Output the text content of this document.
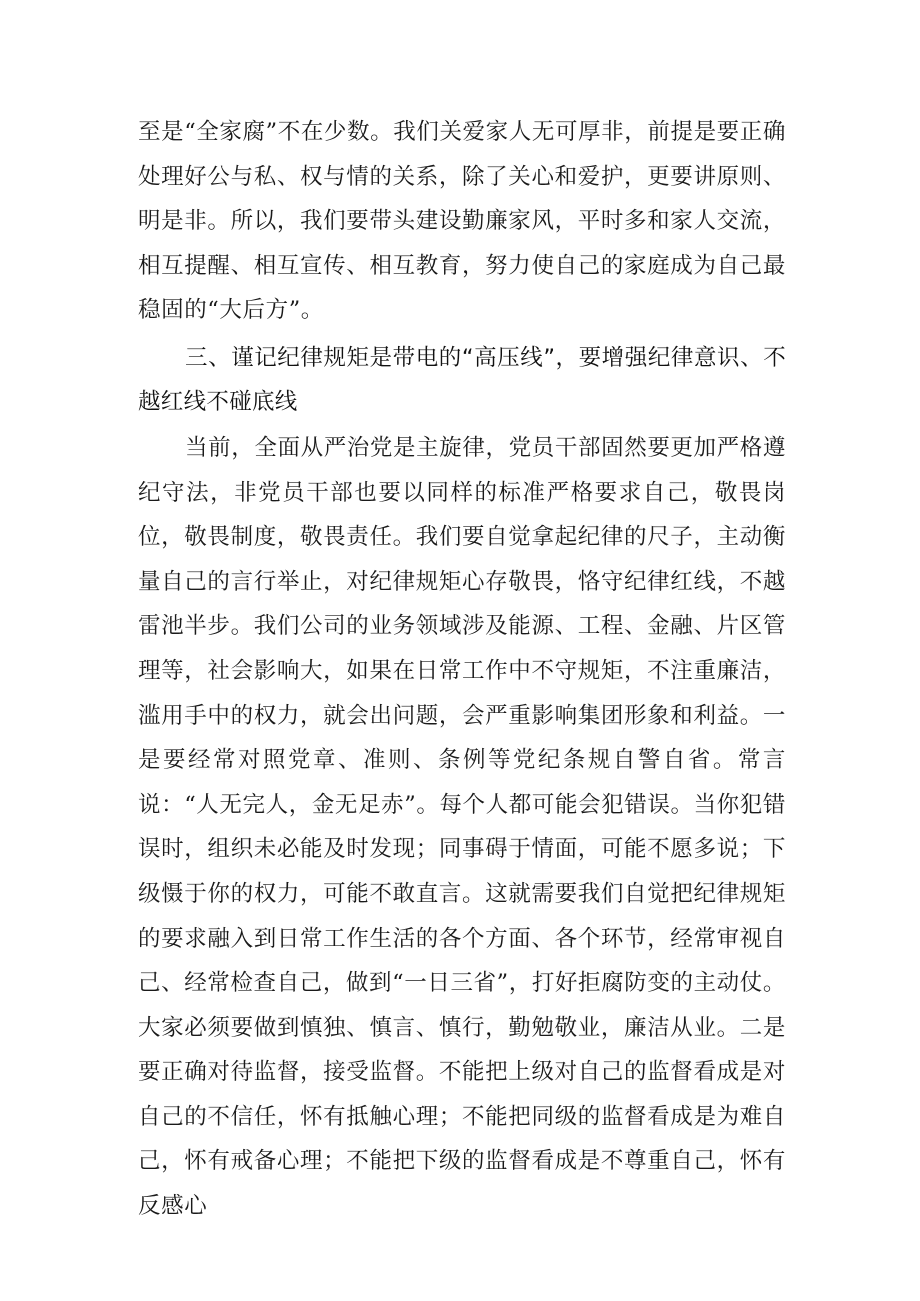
至是“全家腐”不在少数。我们关爱家人无可厚非，前提是要正确处理好公与私、权与情的关系，除了关心和爱护，更要讲原则、明是非。所以，我们要带头建设勤廉家风，平时多和家人交流，相互提醒、相互宣传、相互教育，努力使自己的家庭成为自己最稳固的“大后方”。

三、谨记纪律规矩是带电的“高压线”，要增强纪律意识、不越红线不碰底线

当前，全面从严治党是主旋律，党员干部固然要更加严格遵纪守法，非党员干部也要以同样的标准严格要求自己，敬畏岗位，敬畏制度，敬畏责任。我们要自觉拿起纪律的尺子，主动衡量自己的言行举止，对纪律规矩心存敬畏，恪守纪律红线，不越雷池半步。我们公司的业务领域涉及能源、工程、金融、片区管理等，社会影响大，如果在日常工作中不守规矩，不注重廉洁，滥用手中的权力，就会出问题，会严重影响集团形象和利益。一是要经常对照党章、准则、条例等党纪条规自警自省。常言说：“人无完人，金无足赤”。每个人都可能会犯错误。当你犯错误时，组织未必能及时发现；同事碍于情面，可能不愿多说；下级慑于你的权力，可能不敢直言。这就需要我们自觉把纪律规矩的要求融入到日常工作生活的各个方面、各个环节，经常审视自己、经常检查自己，做到“一日三省”，打好拒腐防变的主动仗。大家必须要做到慎独、慎言、慎行，勤勉敬业，廉洁从业。二是要正确对待监督，接受监督。不能把上级对自己的监督看成是对自己的不信任，怀有抵触心理；不能把同级的监督看成是为难自己，怀有戒备心理；不能把下级的监督看成是不尊重自己，怀有反感心
